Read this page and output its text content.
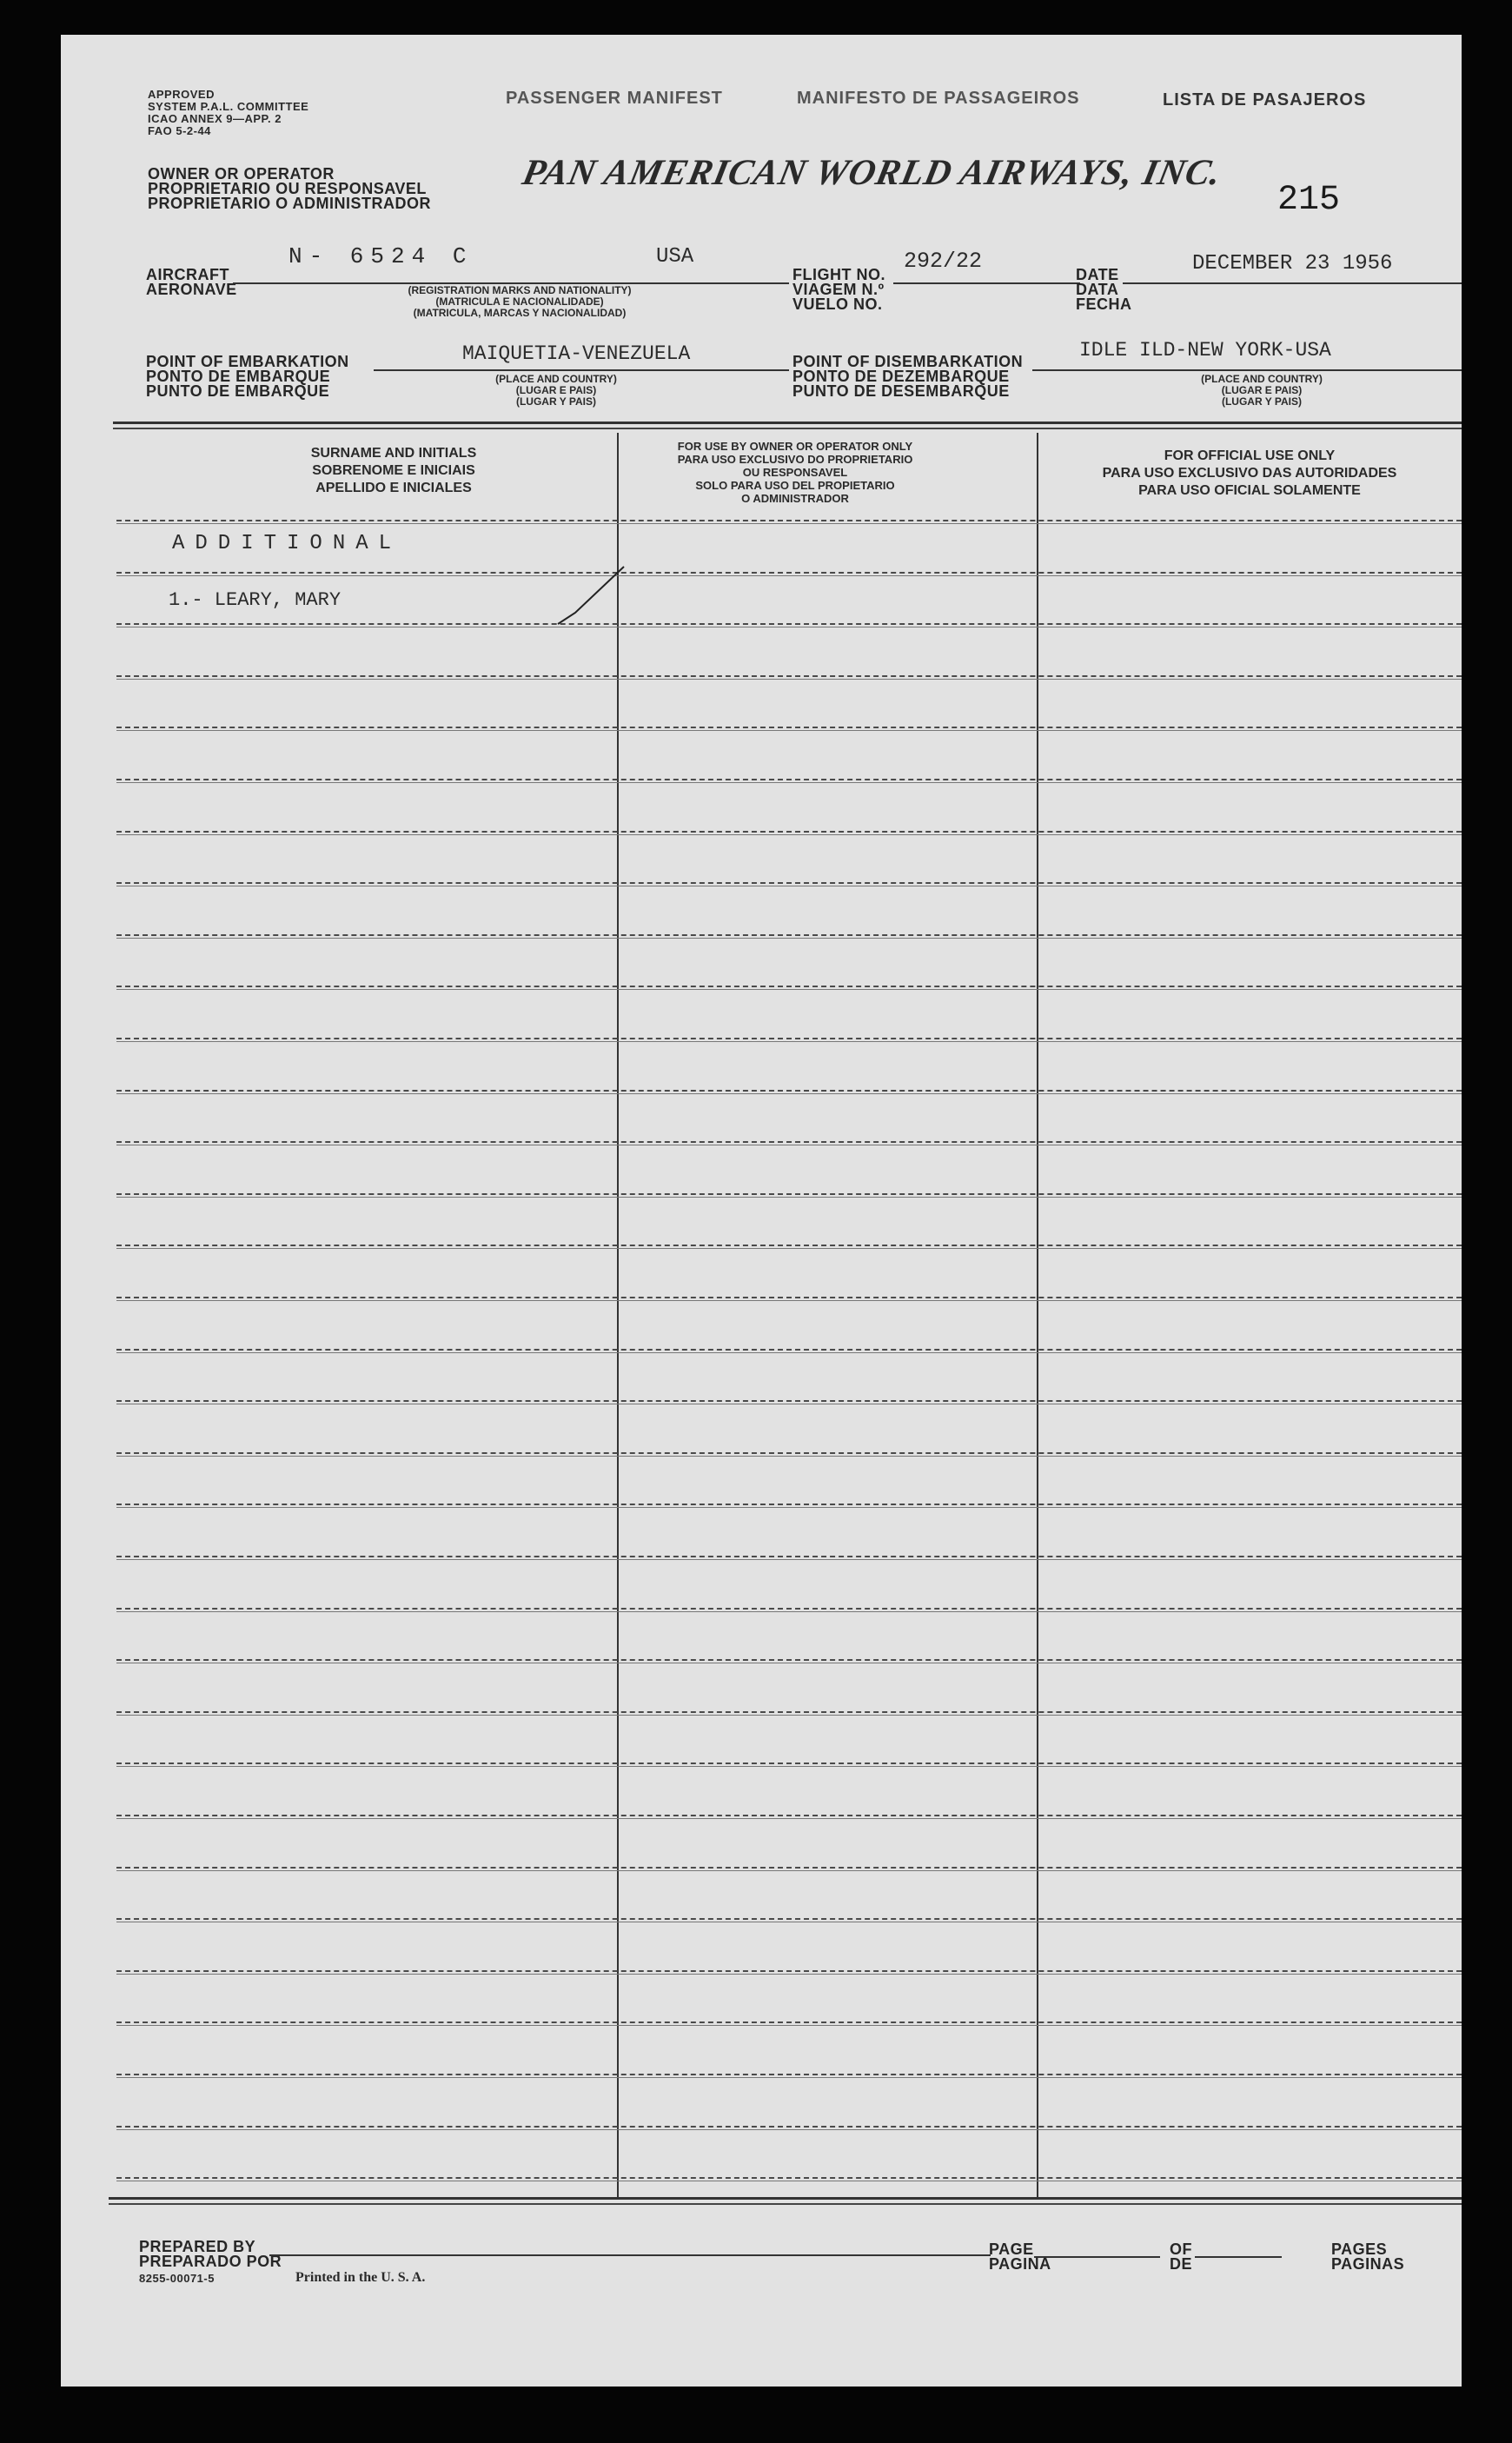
APPROVED
SYSTEM P.A.L. COMMITTEE
ICAO ANNEX 9—APP. 2
FAO 5-2-44
OWNER OR OPERATOR
PROPRIETARIO OU RESPONSAVEL
PROPRIETARIO O ADMINISTRADOR
PASSENGER MANIFEST	MANIFESTO DE PASSAGEIROS	LISTA DE PASAJEROS
PAN AMERICAN WORLD AIRWAYS, INC.
215
AIRCRAFT
AERONAVE
N- 6524 C	USA
(REGISTRATION MARKS AND NATIONALITY)
(MATRICULA E NACIONALIDADE)
(MATRICULA, MARCAS Y NACIONALIDAD)
FLIGHT NO.
VIAGEM N.º
VUELO NO.
292/22
DATE
DATA
FECHA
DECEMBER 23 1956
POINT OF EMBARKATION
PONTO DE EMBARQUE
PUNTO DE EMBARQUE
MAIQUETIA-VENEZUELA
(PLACE AND COUNTRY)
(LUGAR E PAIS)
(LUGAR Y PAIS)
POINT OF DISEMBARKATION
PONTO DE DEZEMBARQUE
PUNTO DE DESEMBARQUE
IDLE ILD-NEW YORK-USA
(PLACE AND COUNTRY)
(LUGAR E PAIS)
(LUGAR Y PAIS)
SURNAME AND INITIALS
SOBRENOME E INICIAIS
APELLIDO E INICIALES
FOR USE BY OWNER OR OPERATOR ONLY
PARA USO EXCLUSIVO DO PROPRIETARIO
OU RESPONSAVEL
SOLO PARA USO DEL PROPIETARIO
O ADMINISTRADOR
FOR OFFICIAL USE ONLY
PARA USO EXCLUSIVO DAS AUTORIDADES
PARA USO OFICIAL SOLAMENTE
ADDITIONAL
1.- LEARY, MARY
PREPARED BY
PREPARADO POR
8255-00071-5	Printed in the U. S. A.
PAGE
PAGINA
OF
DE
PAGES
PAGINAS
